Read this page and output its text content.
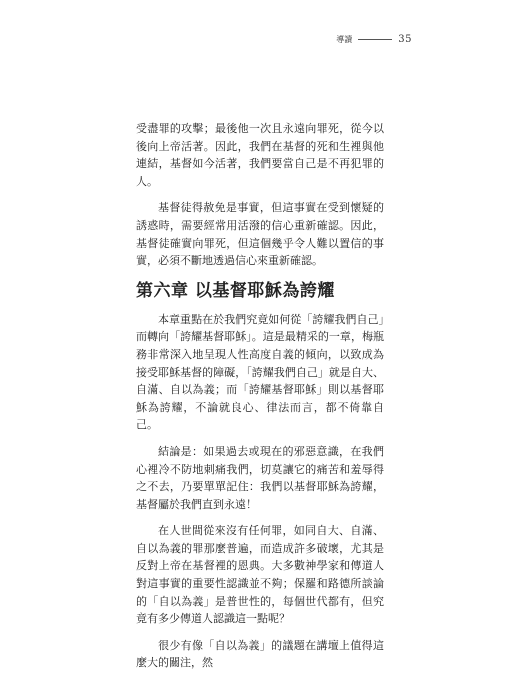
導讀	35

受盡罪的攻擊；最後他一次且永遠向罪死，從今以後向上帝活著。因此，我們在基督的死和生裡與他連結，基督如今活著，我們要當自己是不再犯罪的人。

基督徒得赦免是事實，但這事實在受到懷疑的誘惑時，需要經常用活潑的信心重新確認。因此，基督徒確實向罪死，但這個幾乎令人難以置信的事實，必須不斷地透過信心來重新確認。

第六章 以基督耶穌為誇耀

本章重點在於我們究竟如何從「誇耀我們自己」而轉向「誇耀基督耶穌」。這是最精采的一章，梅瓶務非常深入地呈現人性高度自義的傾向，以致成為接受耶穌基督的障礙，「誇耀我們自己」就是自大、自滿、自以為義；而「誇耀基督耶穌」則以基督耶穌為誇耀，不論就良心、律法而言，都不倚靠自己。

結論是：如果過去或現在的邪惡意識，在我們心裡冷不防地刺痛我們，切莫讓它的痛苦和羞辱得之不去，乃要單單記住：我們以基督耶穌為誇耀，基督屬於我們直到永遠！

在人世間從來沒有任何罪，如同自大、自滿、自以為義的罪那麼普遍，而造成許多破壞，尤其是反對上帝在基督裡的恩典。大多數神學家和傳道人對這事實的重要性認識並不夠；保羅和路德所談論的「自以為義」是普世性的，每個世代都有，但究竟有多少傳道人認識這一點呢？

很少有像「自以為義」的議題在講壇上值得這麼大的關注，然
